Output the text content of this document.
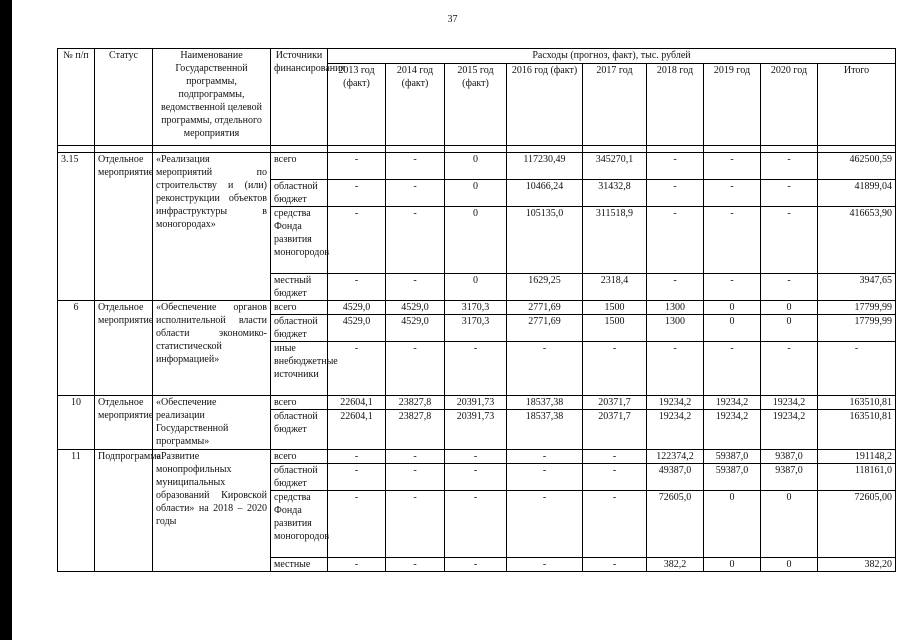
37
№ п/п	Статус	Наименование Государственной программы, подпрограммы, ведомственной целевой программы, отдельного мероприятия	Источники финансирования	Расходы (прогноз, факт), тыс. рублей								
				2013 год (факт)	2014 год (факт)	2015 год (факт)	2016 год (факт)	2017 год	2018 год	2019 год	2020 год	Итого

3.15	Отдельное мероприятие	«Реализация мероприятий по строительству и (или) реконструкции объектов инфраструктуры в моногородах»	всего	-	-	0	117230,49	345270,1	-	-	-	462500,59
			областной бюджет	-	-	0	10466,24	31432,8	-	-	-	41899,04
			средства Фонда развития моногородов	-	-	0	105135,0	311518,9	-	-	-	416653,90
			местный бюджет	-	-	0	1629,25	2318,4	-	-	-	3947,65
6	Отдельное мероприятие	«Обеспечение органов исполнительной власти области экономико-статистической информацией»	всего	4529,0	4529,0	3170,3	2771,69	1500	1300	0	0	17799,99
			областной бюджет	4529,0	4529,0	3170,3	2771,69	1500	1300	0	0	17799,99
			иные внебюджетные источники	-	-	-	-	-	-	-	-	-
10	Отдельное мероприятие	«Обеспечение реализации Государственной программы»	всего	22604,1	23827,8	20391,73	18537,38	20371,7	19234,2	19234,2	19234,2	163510,81
			областной бюджет	22604,1	23827,8	20391,73	18537,38	20371,7	19234,2	19234,2	19234,2	163510,81
11	Подпрограмма	«Развитие монопрофильных муниципальных образований Кировской области» на 2018 – 2020 годы	всего	-	-	-	-	-	122374,2	59387,0	9387,0	191148,2
			областной бюджет	-	-	-	-	-	49387,0	59387,0	9387,0	118161,0
			средства Фонда развития моногородов	-	-	-	-	-	72605,0	0	0	72605,00
			местные	-	-	-	-	-	382,2	0	0	382,20
